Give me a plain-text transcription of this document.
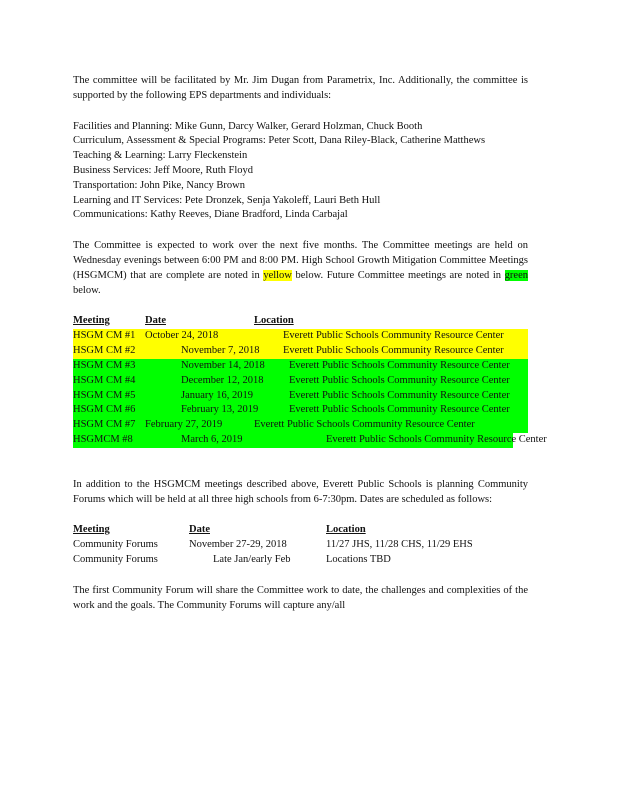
The committee will be facilitated by Mr. Jim Dugan from Parametrix, Inc. Additionally, the committee is supported by the following EPS departments and individuals:

Facilities and Planning: Mike Gunn, Darcy Walker, Gerard Holzman, Chuck Booth

Curriculum, Assessment & Special Programs: Peter Scott, Dana Riley-Black, Catherine Matthews

Teaching & Learning: Larry Fleckenstein

Business Services: Jeff Moore, Ruth Floyd

Transportation: John Pike, Nancy Brown

Learning and IT Services: Pete Dronzek, Senja Yakoleff, Lauri Beth Hull

Communications: Kathy Reeves, Diane Bradford, Linda Carbajal

The Committee is expected to work over the next five months. The Committee meetings are held on Wednesday evenings between 6:00 PM and 8:00 PM. High School Growth Mitigation Committee Meetings (HSGMCM) that are complete are noted in yellow below. Future Committee meetings are noted in green below.

Meeting	Date	Location
HSGM CM #1 October 24, 2018	Everett Public Schools Community Resource Center
HSGM CM #2	November 7, 2018 Everett Public Schools Community Resource Center
HSGM CM #3	November 14, 2018 Everett Public Schools Community Resource Center
HSGM CM #4	December 12, 2018 Everett Public Schools Community Resource Center
HSGM CM #5	January 16, 2019	Everett Public Schools Community Resource Center
HSGM CM #6	February 13, 2019	Everett Public Schools Community Resource Center
HSGM CM #7 February 27, 2019	Everett Public Schools Community Resource Center
HSGMCM #8	March 6, 2019	Everett Public Schools Community Resource Center

In addition to the HSGMCM meetings described above, Everett Public Schools is planning Community Forums which will be held at all three high schools from 6-7:30pm. Dates are scheduled as follows:

Meeting	Date	Location
Community Forums	November 27-29, 2018	11/27 JHS, 11/28 CHS, 11/29 EHS
Community Forums	Late Jan/early Feb	Locations TBD

The first Community Forum will share the Committee work to date, the challenges and complexities of the work and the goals. The Community Forums will capture any/all
